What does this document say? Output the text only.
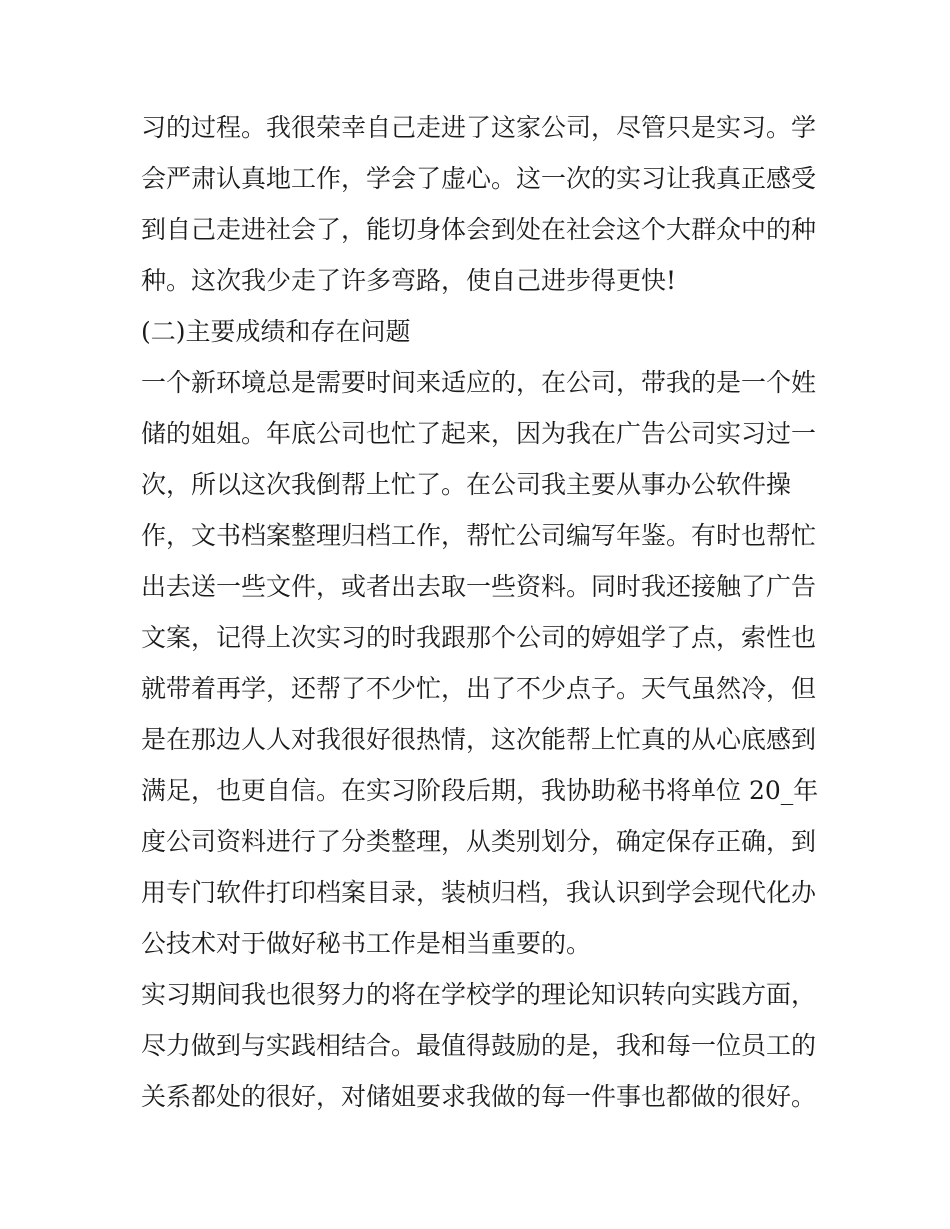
习的过程。我很荣幸自己走进了这家公司，尽管只是实习。学
会严肃认真地工作，学会了虚心。这一次的实习让我真正感受
到自己走进社会了，能切身体会到处在社会这个大群众中的种
种。这次我少走了许多弯路，使自己进步得更快!
(二)主要成绩和存在问题
一个新环境总是需要时间来适应的，在公司，带我的是一个姓
储的姐姐。年底公司也忙了起来，因为我在广告公司实习过一
次，所以这次我倒帮上忙了。在公司我主要从事办公软件操
作，文书档案整理归档工作，帮忙公司编写年鉴。有时也帮忙
出去送一些文件，或者出去取一些资料。同时我还接触了广告
文案，记得上次实习的时我跟那个公司的婷姐学了点，索性也
就带着再学，还帮了不少忙，出了不少点子。天气虽然冷，但
是在那边人人对我很好很热情，这次能帮上忙真的从心底感到
满足，也更自信。在实习阶段后期，我协助秘书将单位 20_年
度公司资料进行了分类整理，从类别划分，确定保存正确，到
用专门软件打印档案目录，装桢归档，我认识到学会现代化办
公技术对于做好秘书工作是相当重要的。
实习期间我也很努力的将在学校学的理论知识转向实践方面，
尽力做到与实践相结合。最值得鼓励的是，我和每一位员工的
关系都处的很好，对储姐要求我做的每一件事也都做的很好。
